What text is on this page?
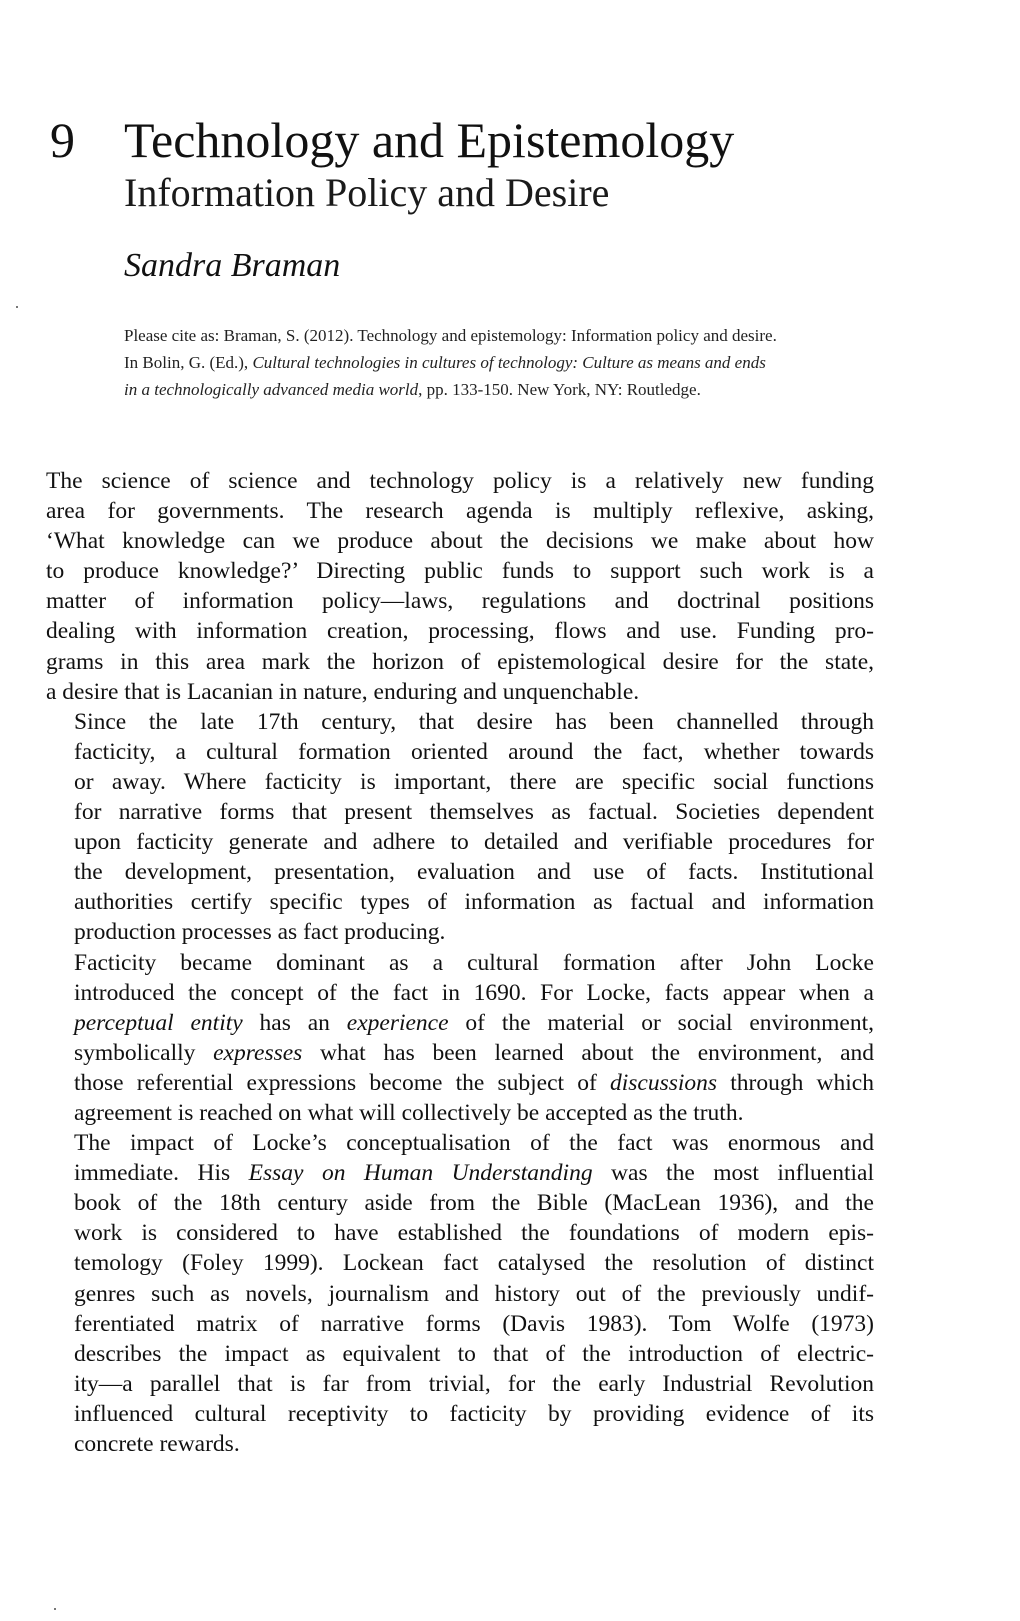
9 Technology and Epistemology
Information Policy and Desire
Sandra Braman
Please cite as: Braman, S. (2012). Technology and epistemology: Information policy and desire.
In Bolin, G. (Ed.), Cultural technologies in cultures of technology: Culture as means and ends
in a technologically advanced media world, pp. 133-150. New York, NY: Routledge.

The science of science and technology policy is a relatively new funding
area for governments. The research agenda is multiply reflexive, asking,
‘What knowledge can we produce about the decisions we make about how
to produce knowledge?’ Directing public funds to support such work is a
matter of information policy—laws, regulations and doctrinal positions
dealing with information creation, processing, flows and use. Funding pro-
grams in this area mark the horizon of epistemological desire for the state,
a desire that is Lacanian in nature, enduring and unquenchable.

Since the late 17th century, that desire has been channelled through
facticity, a cultural formation oriented around the fact, whether towards
or away. Where facticity is important, there are specific social functions
for narrative forms that present themselves as factual. Societies dependent
upon facticity generate and adhere to detailed and verifiable procedures for
the development, presentation, evaluation and use of facts. Institutional
authorities certify specific types of information as factual and information
production processes as fact producing.

Facticity became dominant as a cultural formation after John Locke
introduced the concept of the fact in 1690. For Locke, facts appear when a
perceptual entity has an experience of the material or social environment,
symbolically expresses what has been learned about the environment, and
those referential expressions become the subject of discussions through which
agreement is reached on what will collectively be accepted as the truth.

The impact of Locke’s conceptualisation of the fact was enormous and
immediate. His Essay on Human Understanding was the most influential
book of the 18th century aside from the Bible (MacLean 1936), and the
work is considered to have established the foundations of modern epis-
temology (Foley 1999). Lockean fact catalysed the resolution of distinct
genres such as novels, journalism and history out of the previously undif-
ferentiated matrix of narrative forms (Davis 1983). Tom Wolfe (1973)
describes the impact as equivalent to that of the introduction of electric-
ity—a parallel that is far from trivial, for the early Industrial Revolution
influenced cultural receptivity to facticity by providing evidence of its
concrete rewards.
